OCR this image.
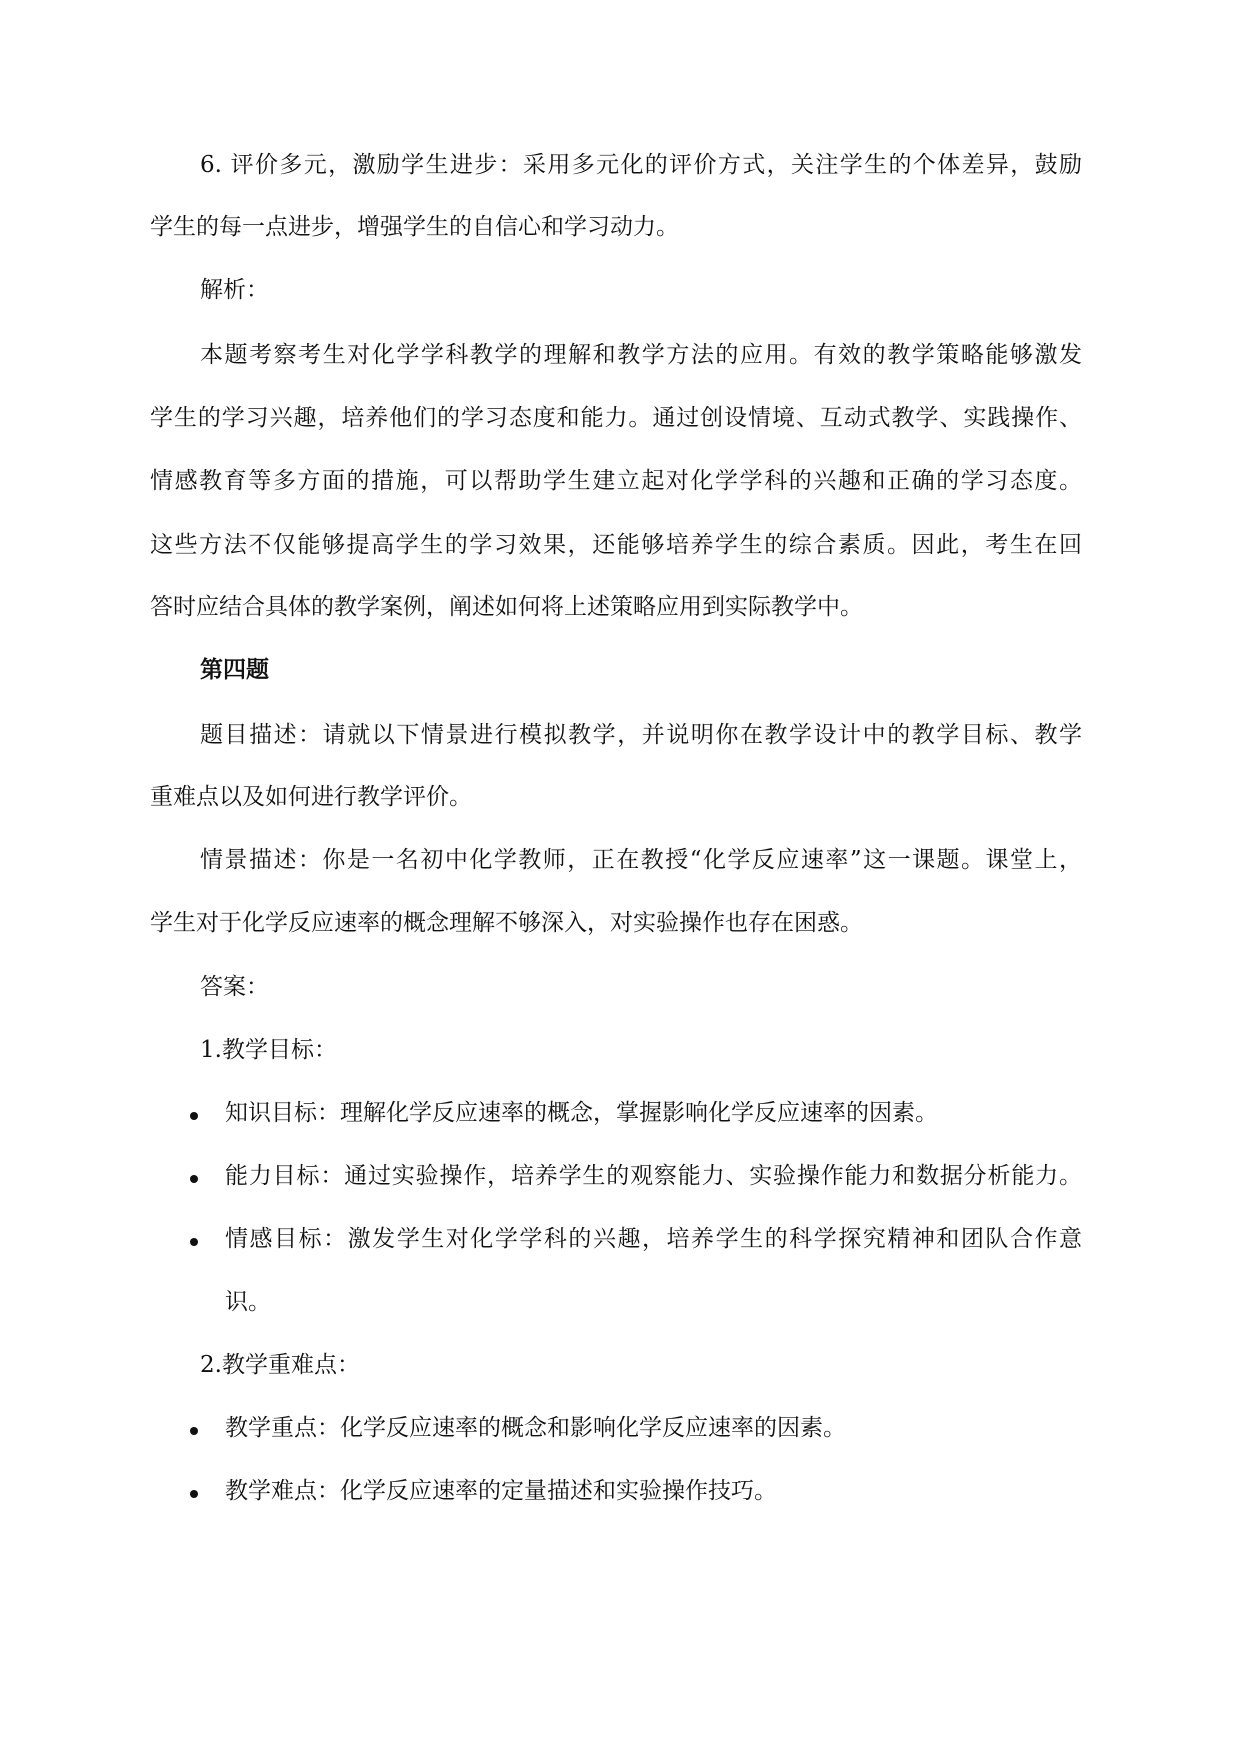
6. 评价多元，激励学生进步：采用多元化的评价方式，关注学生的个体差异，鼓励
学生的每一点进步，增强学生的自信心和学习动力。
解析：
本题考察考生对化学学科教学的理解和教学方法的应用。有效的教学策略能够激发
学生的学习兴趣，培养他们的学习态度和能力。通过创设情境、互动式教学、实践操作、
情感教育等多方面的措施，可以帮助学生建立起对化学学科的兴趣和正确的学习态度。
这些方法不仅能够提高学生的学习效果，还能够培养学生的综合素质。因此，考生在回
答时应结合具体的教学案例，阐述如何将上述策略应用到实际教学中。
第四题
题目描述：请就以下情景进行模拟教学，并说明你在教学设计中的教学目标、教学
重难点以及如何进行教学评价。
情景描述：你是一名初中化学教师，正在教授“化学反应速率”这一课题。课堂上，
学生对于化学反应速率的概念理解不够深入，对实验操作也存在困惑。
答案：
1.教学目标：
知识目标：理解化学反应速率的概念，掌握影响化学反应速率的因素。
能力目标：通过实验操作，培养学生的观察能力、实验操作能力和数据分析能力。
情感目标：激发学生对化学学科的兴趣，培养学生的科学探究精神和团队合作意
识。
2.教学重难点：
教学重点：化学反应速率的概念和影响化学反应速率的因素。
教学难点：化学反应速率的定量描述和实验操作技巧。
